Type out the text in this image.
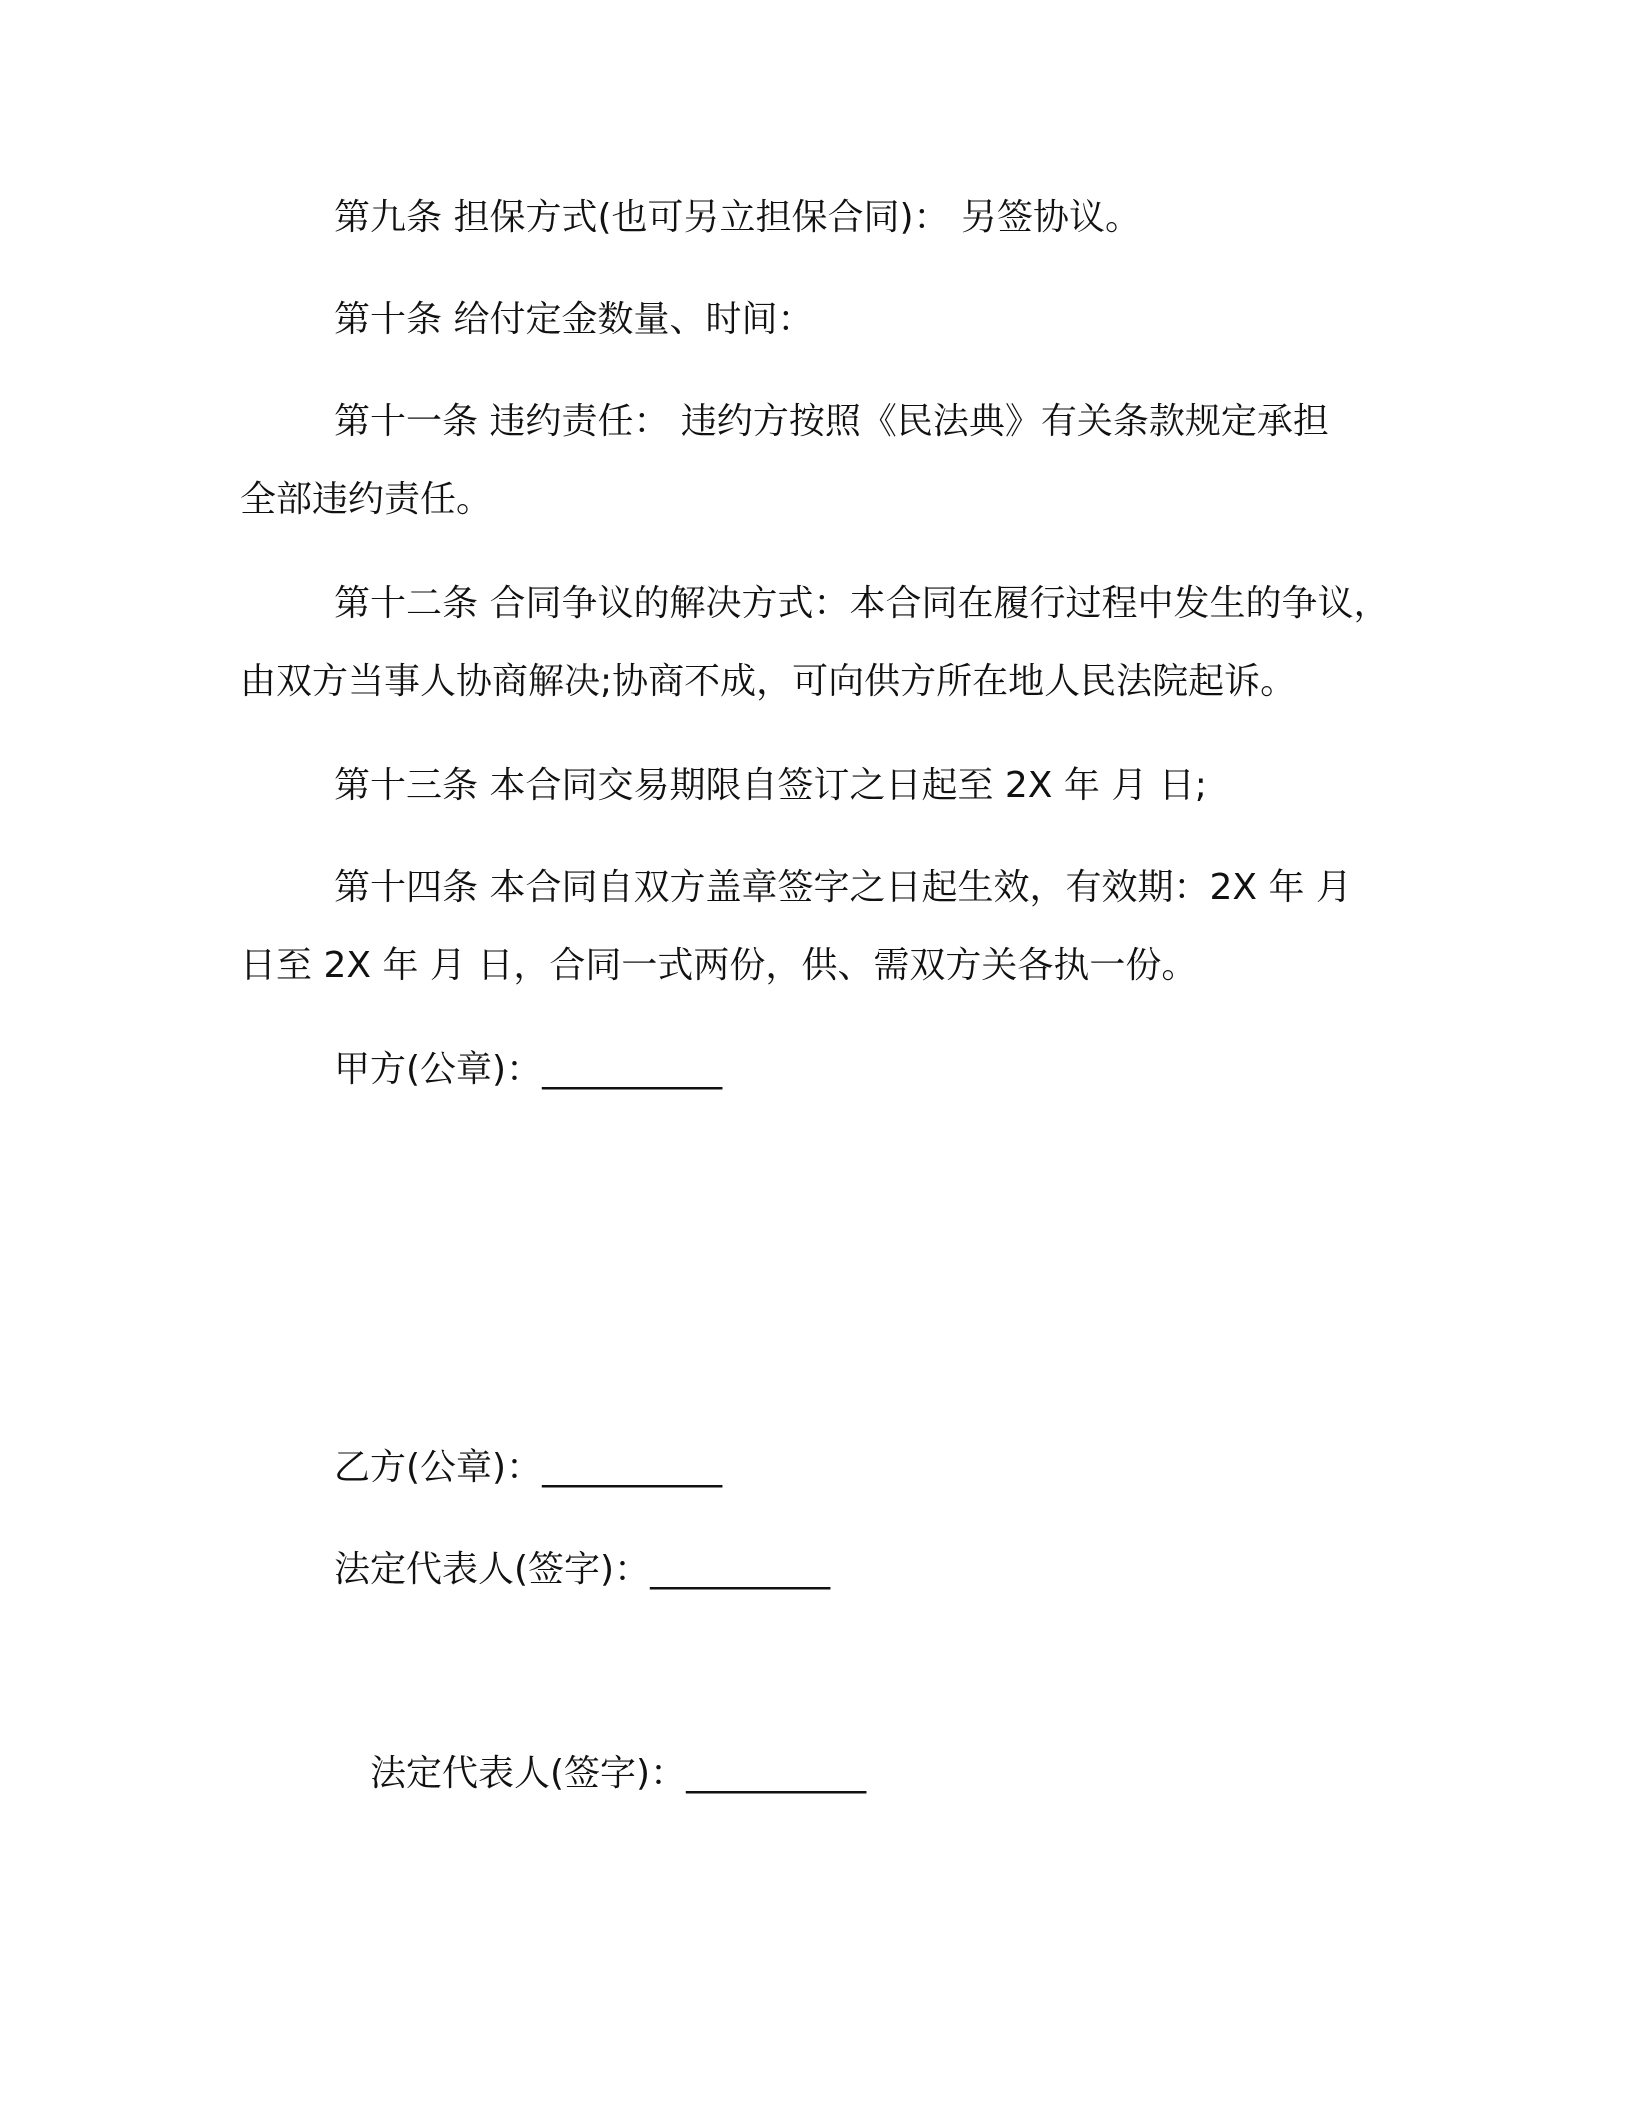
第九条 担保方式(也可另立担保合同)： 另签协议。

第十条 给付定金数量、时间：

第十一条 违约责任： 违约方按照《民法典》有关条款规定承担

全部违约责任。

第十二条 合同争议的解决方式：本合同在履行过程中发生的争议，

由双方当事人协商解决;协商不成，可向供方所在地人民法院起诉。

第十三条 本合同交易期限自签订之日起至 2X 年 月 日;

第十四条 本合同自双方盖章签字之日起生效，有效期：2X 年 月

日至 2X 年 月 日，合同一式两份，供、需双方关各执一份。

甲方(公章)：__________

乙方(公章)：__________

法定代表人(签字)：__________

法定代表人(签字)：__________
